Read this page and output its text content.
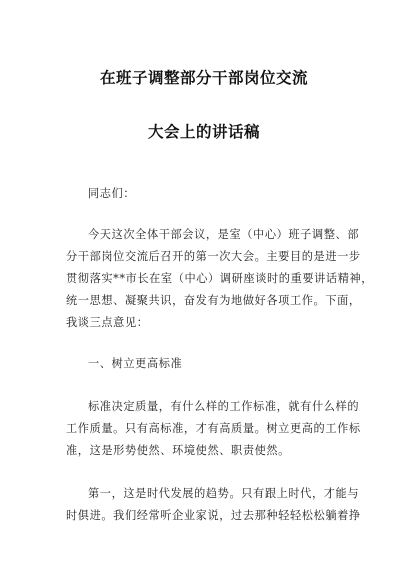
在班子调整部分干部岗位交流
大会上的讲话稿
同志们：
今天这次全体干部会议，是室（中心）班子调整、部
分干部岗位交流后召开的第一次大会。主要目的是进一步
贯彻落实**市长在室（中心）调研座谈时的重要讲话精神，
统一思想、凝聚共识，奋发有为地做好各项工作。下面，
我谈三点意见：
一、树立更高标准
标准决定质量，有什么样的工作标准，就有什么样的
工作质量。只有高标准，才有高质量。树立更高的工作标
准，这是形势使然、环境使然、职责使然。
第一，这是时代发展的趋势。只有跟上时代，才能与
时俱进。我们经常听企业家说，过去那种轻轻松松躺着挣
